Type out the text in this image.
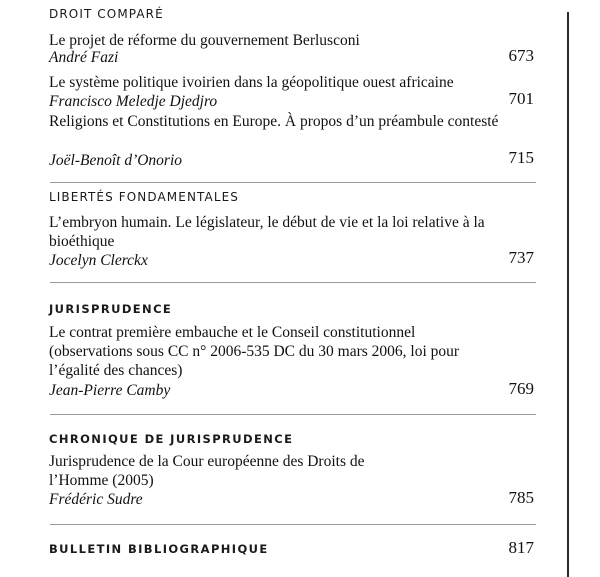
DROIT COMPARÉ
Le projet de réforme du gouvernement Berlusconi
André Fazi	673
Le système politique ivoirien dans la géopolitique ouest africaine
Francisco Meledje Djedjro	701
Religions et Constitutions en Europe. À propos d’un préambule contesté
Joël-Benoît d’Onorio	715
LIBERTÉS FONDAMENTALES
L’embryon humain. Le législateur, le début de vie et la loi relative à la bioéthique
Jocelyn Clerckx	737
JURISPRUDENCE
Le contrat première embauche et le Conseil constitutionnel (observations sous CC n° 2006-535 DC du 30 mars 2006, loi pour l’égalité des chances)
Jean-Pierre Camby	769
CHRONIQUE DE JURISPRUDENCE
Jurisprudence de la Cour européenne des Droits de l’Homme (2005)
Frédéric Sudre	785
BULLETIN BIBLIOGRAPHIQUE	817
